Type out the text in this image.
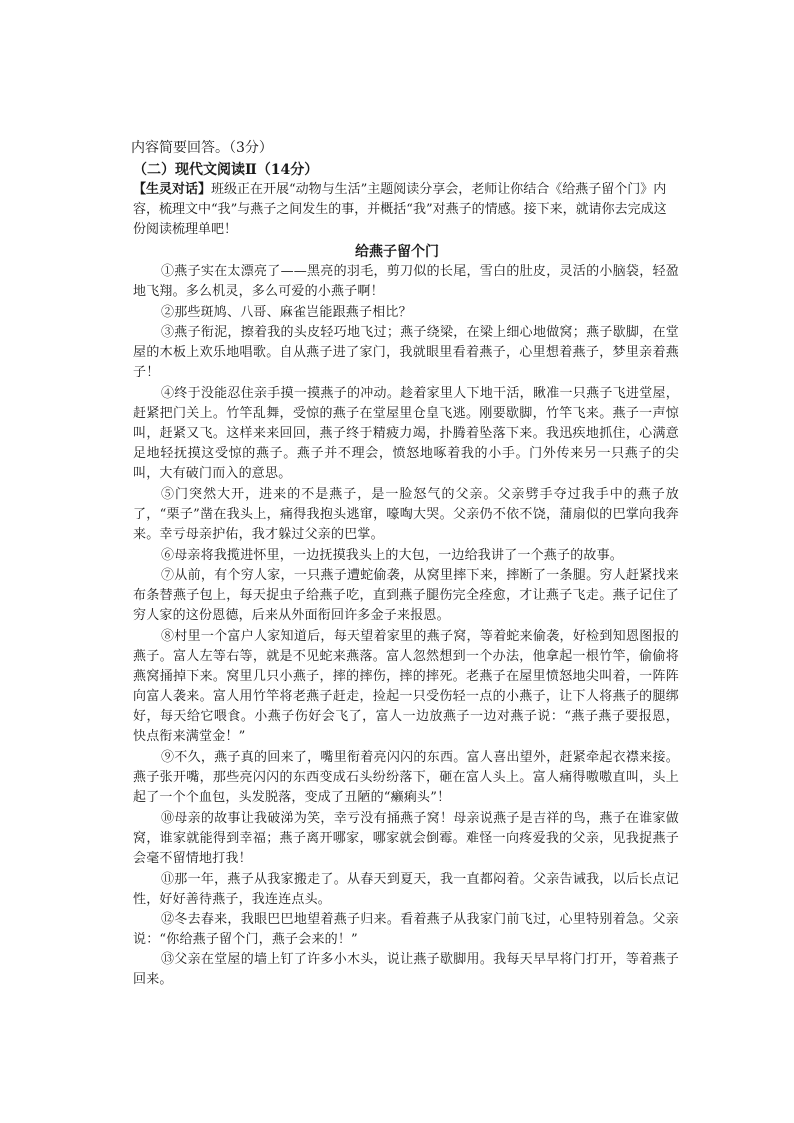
内容简要回答。（3分）
（二）现代文阅读Ⅱ（14分）
【生灵对话】班级正在开展“动物与生活”主题阅读分享会，老师让你结合《给燕子留个门》内容，梳理文中“我”与燕子之间发生的事，并概括“我”对燕子的情感。接下来，就请你去完成这份阅读梳理单吧！
给燕子留个门
①燕子实在太漂亮了——黑亮的羽毛，剪刀似的长尾，雪白的肚皮，灵活的小脑袋，轻盈地飞翔。多么机灵，多么可爱的小燕子啊！
②那些斑鸠、八哥、麻雀岂能跟燕子相比？
③燕子衔泥，擦着我的头皮轻巧地飞过；燕子绕梁，在梁上细心地做窝；燕子歇脚，在堂屋的木板上欢乐地唱歌。自从燕子进了家门，我就眼里看着燕子，心里想着燕子，梦里亲着燕子！
④终于没能忍住亲手摸一摸燕子的冲动。趁着家里人下地干活，瞅准一只燕子飞进堂屋，赶紧把门关上。竹竿乱舞，受惊的燕子在堂屋里仓皇飞逃。刚要歇脚，竹竿飞来。燕子一声惊叫，赶紧又飞。这样来来回回，燕子终于精疲力竭，扑腾着坠落下来。我迅疾地抓住，心满意足地轻抚摸这受惊的燕子。燕子并不理会，愤怒地啄着我的小手。门外传来另一只燕子的尖叫，大有破门而入的意思。
⑤门突然大开，进来的不是燕子，是一脸怒气的父亲。父亲劈手夺过我手中的燕子放了，“栗子”凿在我头上，痛得我抱头逃窜，嚎啕大哭。父亲仍不依不饶，蒲扇似的巴掌向我奔来。幸亏母亲护佑，我才躲过父亲的巴掌。
⑥母亲将我揽进怀里，一边抚摸我头上的大包，一边给我讲了一个燕子的故事。
⑦从前，有个穷人家，一只燕子遭蛇偷袭，从窝里摔下来，摔断了一条腿。穷人赶紧找来布条替燕子包上，每天捉虫子给燕子吃，直到燕子腿伤完全痊愈，才让燕子飞走。燕子记住了穷人家的这份恩德，后来从外面衔回许多金子来报恩。
⑧村里一个富户人家知道后，每天望着家里的燕子窝，等着蛇来偷袭，好检到知恩图报的燕子。富人左等右等，就是不见蛇来燕落。富人忽然想到一个办法，他拿起一根竹竿，偷偷将燕窝捅掉下来。窝里几只小燕子，摔的摔伤，摔的摔死。老燕子在屋里愤怒地尖叫着，一阵阵向富人袭来。富人用竹竿将老燕子赶走，捡起一只受伤轻一点的小燕子，让下人将燕子的腿绑好，每天给它喂食。小燕子伤好会飞了，富人一边放燕子一边对燕子说：“燕子燕子要报恩，快点衔来满堂金！”
⑨不久，燕子真的回来了，嘴里衔着亮闪闪的东西。富人喜出望外，赶紧牵起衣襟来接。燕子张开嘴，那些亮闪闪的东西变成石头纷纷落下，砸在富人头上。富人痛得嗷嗷直叫，头上起了一个个血包，头发脱落，变成了丑陋的“癞痢头”！
⑩母亲的故事让我破涕为笑，幸亏没有捅燕子窝！母亲说燕子是吉祥的鸟，燕子在谁家做窝，谁家就能得到幸福；燕子离开哪家，哪家就会倒霉。难怪一向疼爱我的父亲，见我捉燕子会毫不留情地打我！
⑪那一年，燕子从我家搬走了。从春天到夏天，我一直都闷着。父亲告诫我，以后长点记性，好好善待燕子，我连连点头。
⑫冬去春来，我眼巴巴地望着燕子归来。看着燕子从我家门前飞过，心里特别着急。父亲说：“你给燕子留个门，燕子会来的！”
⑬父亲在堂屋的墙上钉了许多小木头，说让燕子歇脚用。我每天早早将门打开，等着燕子回来。
